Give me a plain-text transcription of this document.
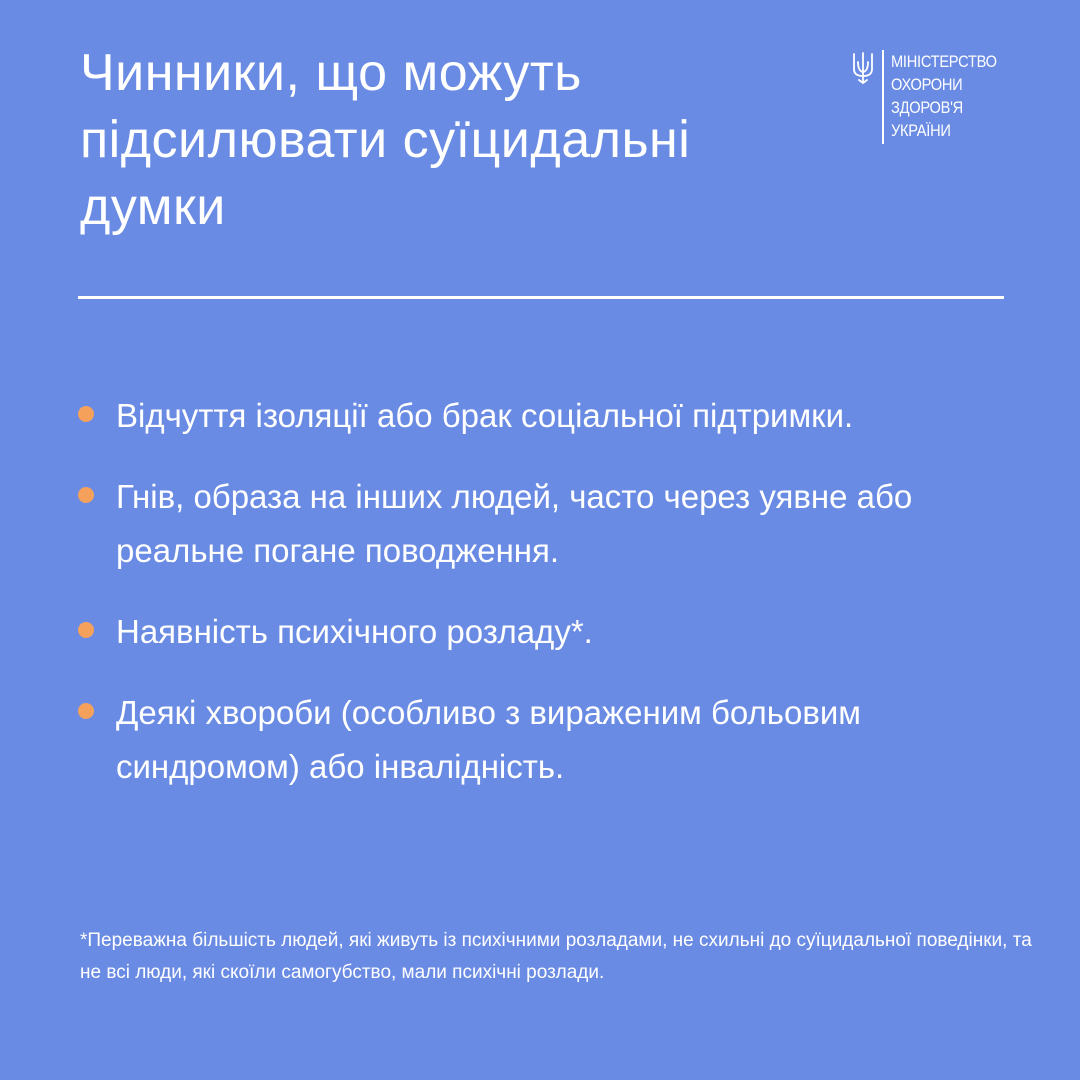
Чинники, що можуть підсилювати суїцидальні думки
МІНІСТЕРСТВО
ОХОРОНИ
ЗДОРОВ'Я
УКРАЇНИ
Відчуття ізоляції або брак соціальної підтримки.
Гнів, образа на інших людей, часто через уявне або реальне погане поводження.
Наявність психічного розладу*.
Деякі хвороби (особливо з вираженим больовим синдромом) або інвалідність.

*Переважна більшість людей, які живуть із психічними розладами, не схильні до суїцидальної поведінки, та не всі люди, які скоїли самогубство, мали психічні розлади.
